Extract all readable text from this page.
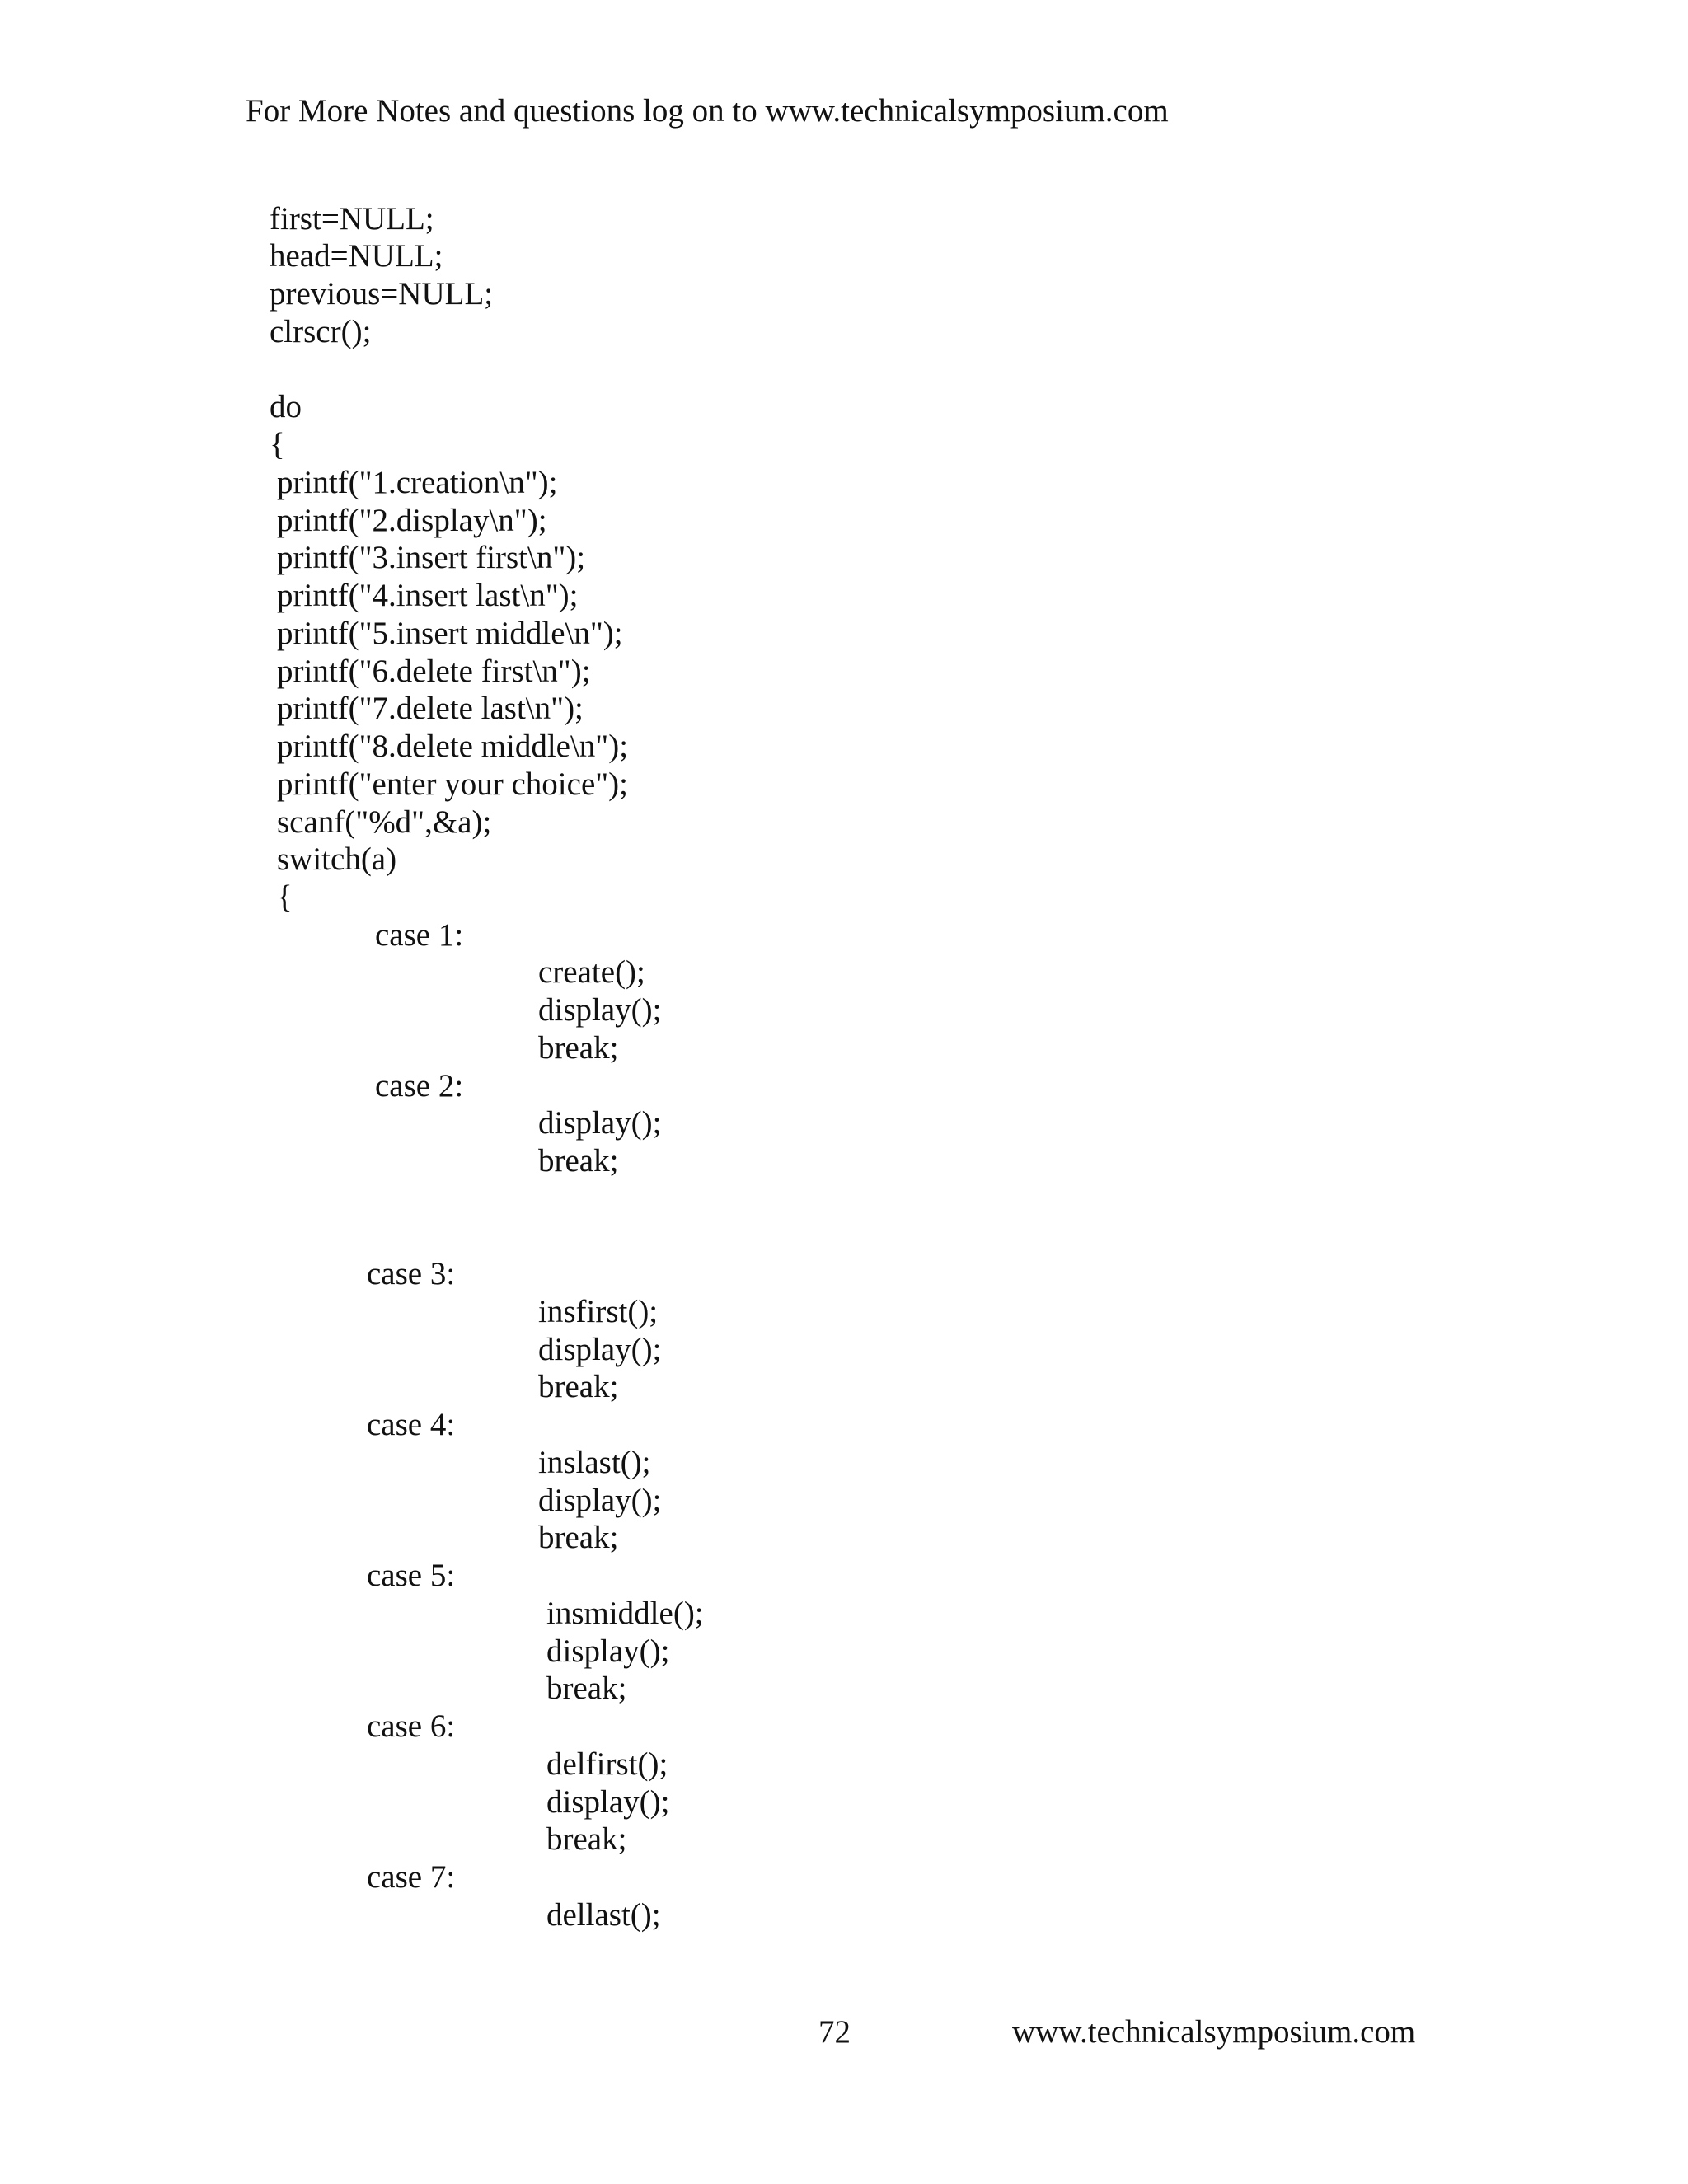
For More Notes and questions log on to www.technicalsymposium.com
first=NULL;
head=NULL;
previous=NULL;
clrscr();
do
{
printf("1.creation\n");
printf("2.display\n");
printf("3.insert first\n");
printf("4.insert last\n");
printf("5.insert middle\n");
printf("6.delete first\n");
printf("7.delete last\n");
printf("8.delete middle\n");
printf("enter your choice");
scanf("%d",&a);
switch(a)
{
case 1:
create();
display();
break;
case 2:
display();
break;
case 3:
insfirst();
display();
break;
case 4:
inslast();
display();
break;
case 5:
insmiddle();
display();
break;
case 6:
delfirst();
display();
break;
case 7:
dellast();
72	www.technicalsymposium.com
